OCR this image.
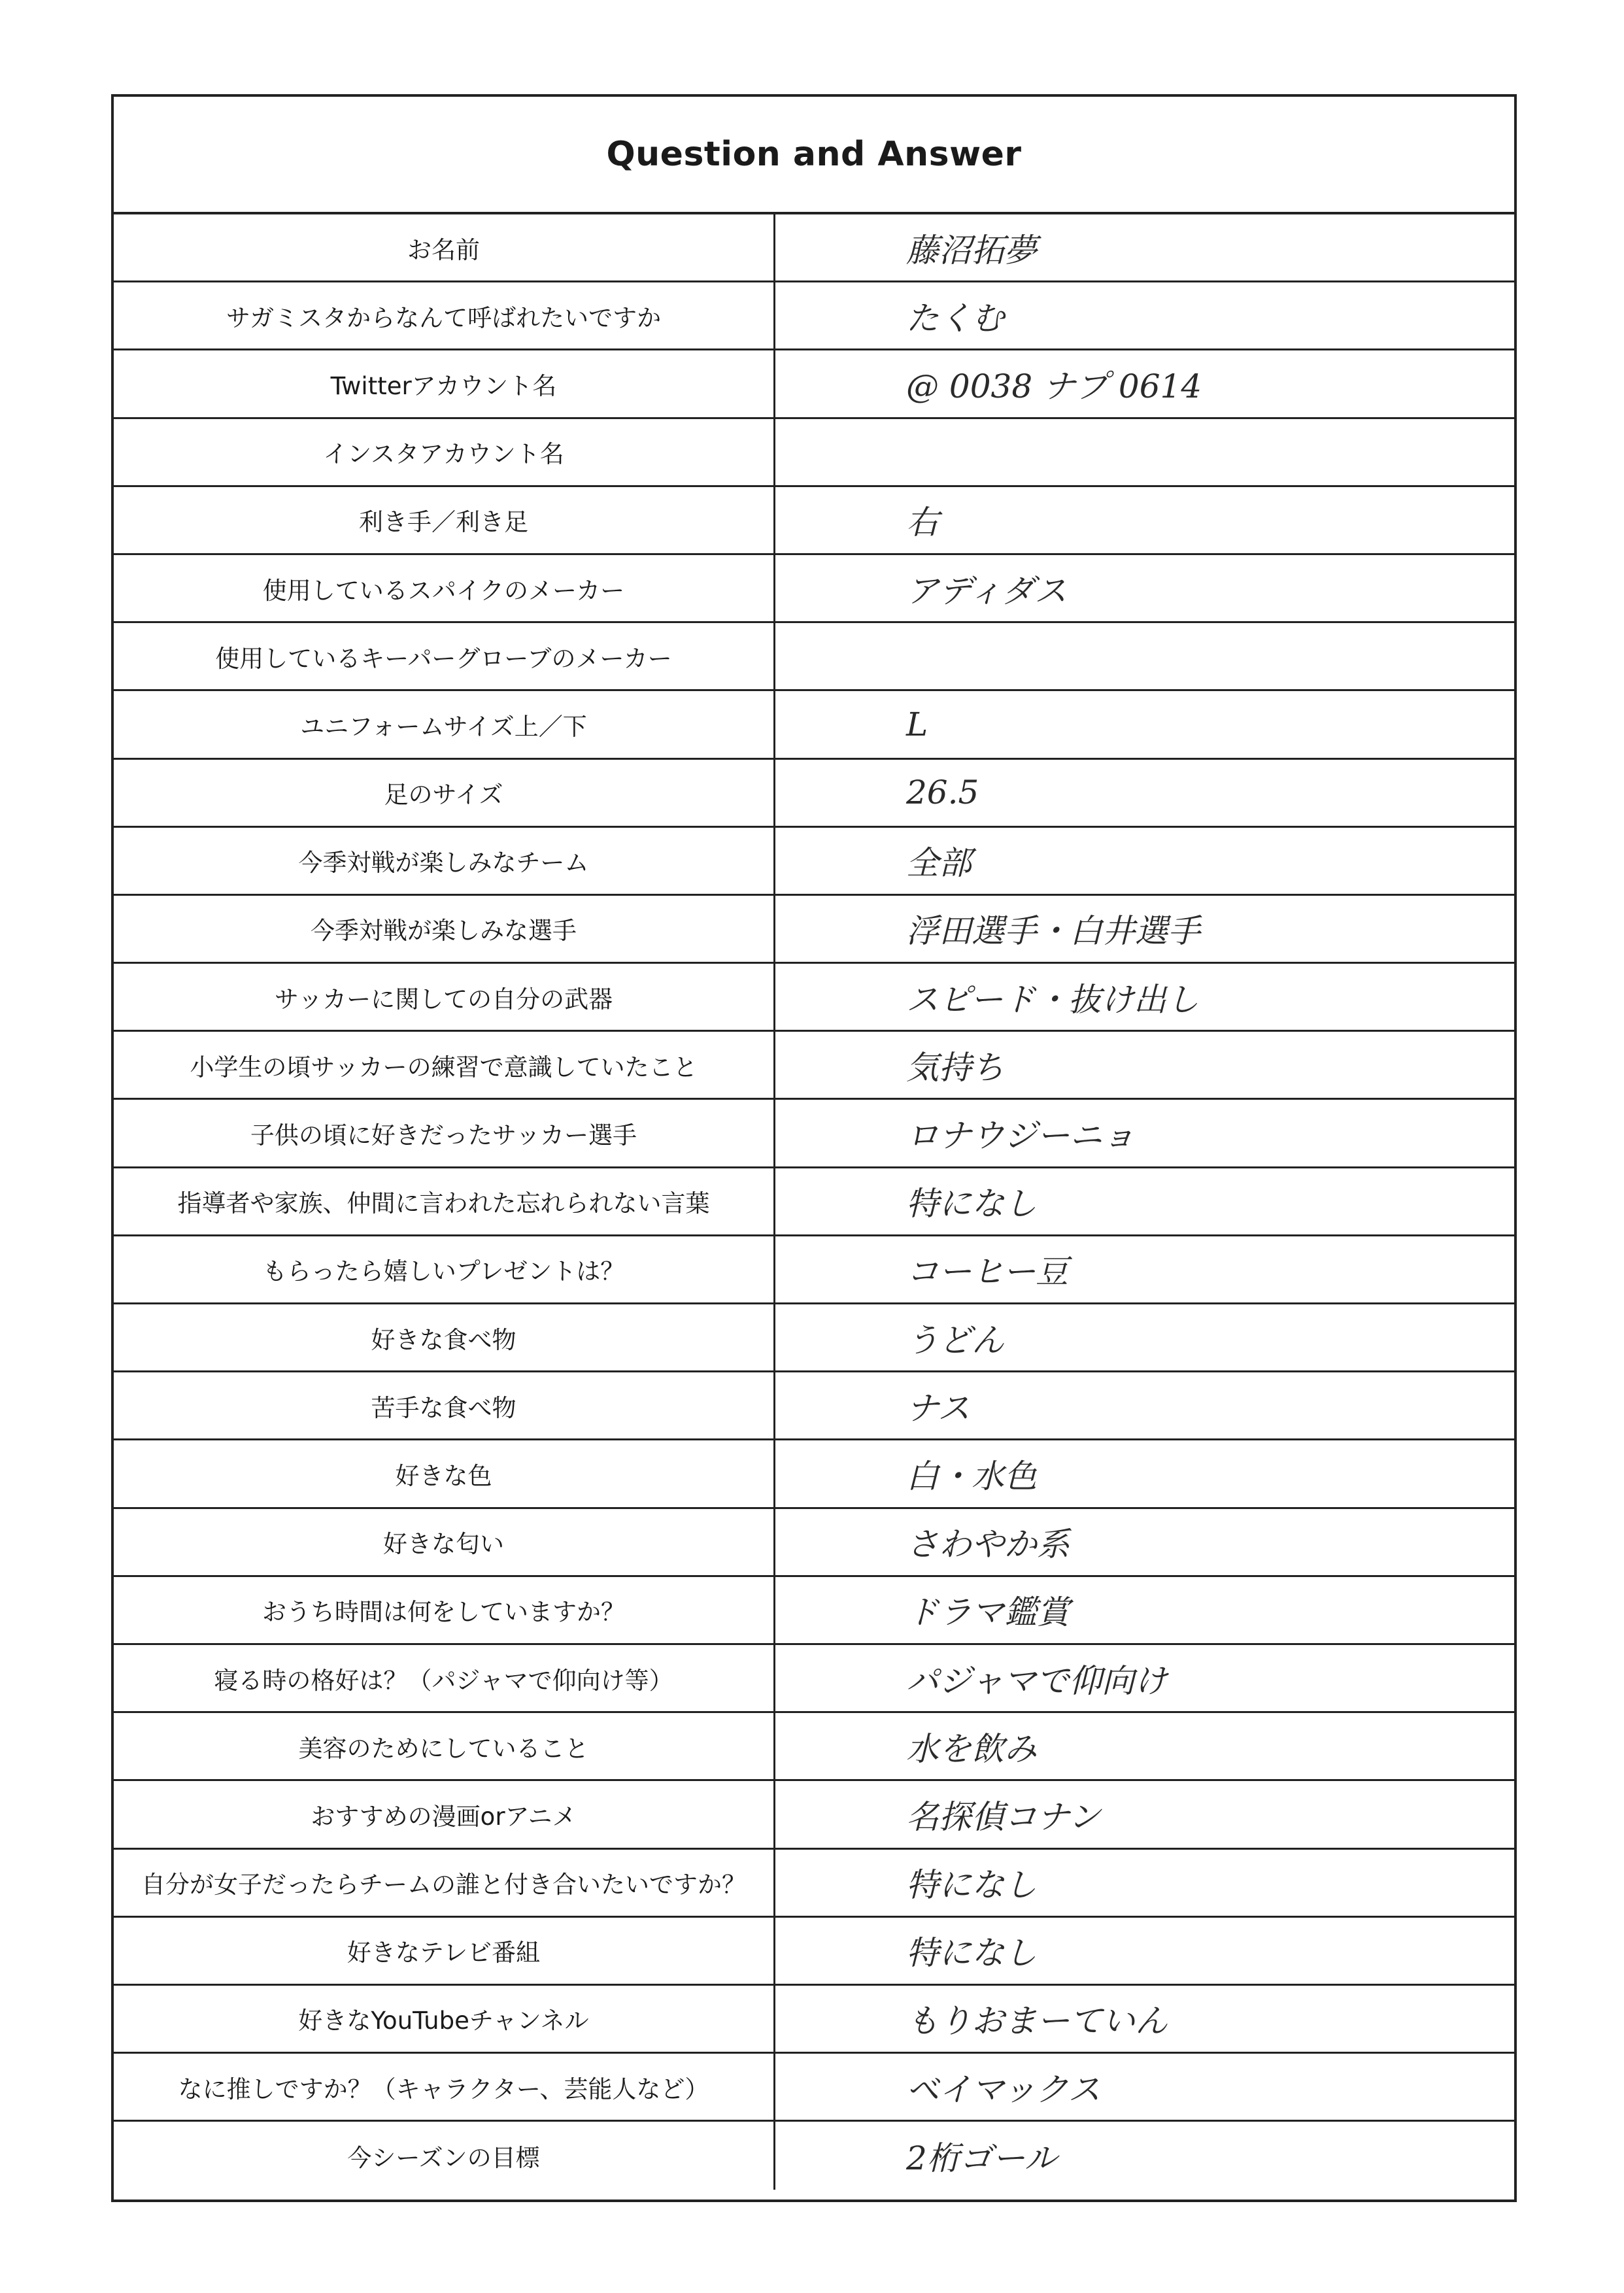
Question and Answer
お名前	藤沼拓夢
サガミスタからなんて呼ばれたいですか	たくむ
Twitterアカウント名	@ 0038 ナプ 0614
インスタアカウント名
利き手／利き足	右
使用しているスパイクのメーカー	アディダス
使用しているキーパーグローブのメーカー
ユニフォームサイズ上／下	L
足のサイズ	26.5
今季対戦が楽しみなチーム	全部
今季対戦が楽しみな選手	浮田選手・白井選手
サッカーに関しての自分の武器	スピード・抜け出し
小学生の頃サッカーの練習で意識していたこと	気持ち
子供の頃に好きだったサッカー選手	ロナウジーニョ
指導者や家族、仲間に言われた忘れられない言葉	特になし
もらったら嬉しいプレゼントは？	コーヒー豆
好きな食べ物	うどん
苦手な食べ物	ナス
好きな色	白・水色
好きな匂い	さわやか系
おうち時間は何をしていますか？	ドラマ鑑賞
寝る時の格好は？（パジャマで仰向け等）	パジャマで仰向け
美容のためにしていること	水を飲み
おすすめの漫画orアニメ	名探偵コナン
自分が女子だったらチームの誰と付き合いたいですか？	特になし
好きなテレビ番組	特になし
好きなYouTubeチャンネル	もりおまーていん
なに推しですか？（キャラクター、芸能人など）	ベイマックス
今シーズンの目標	2桁ゴール
